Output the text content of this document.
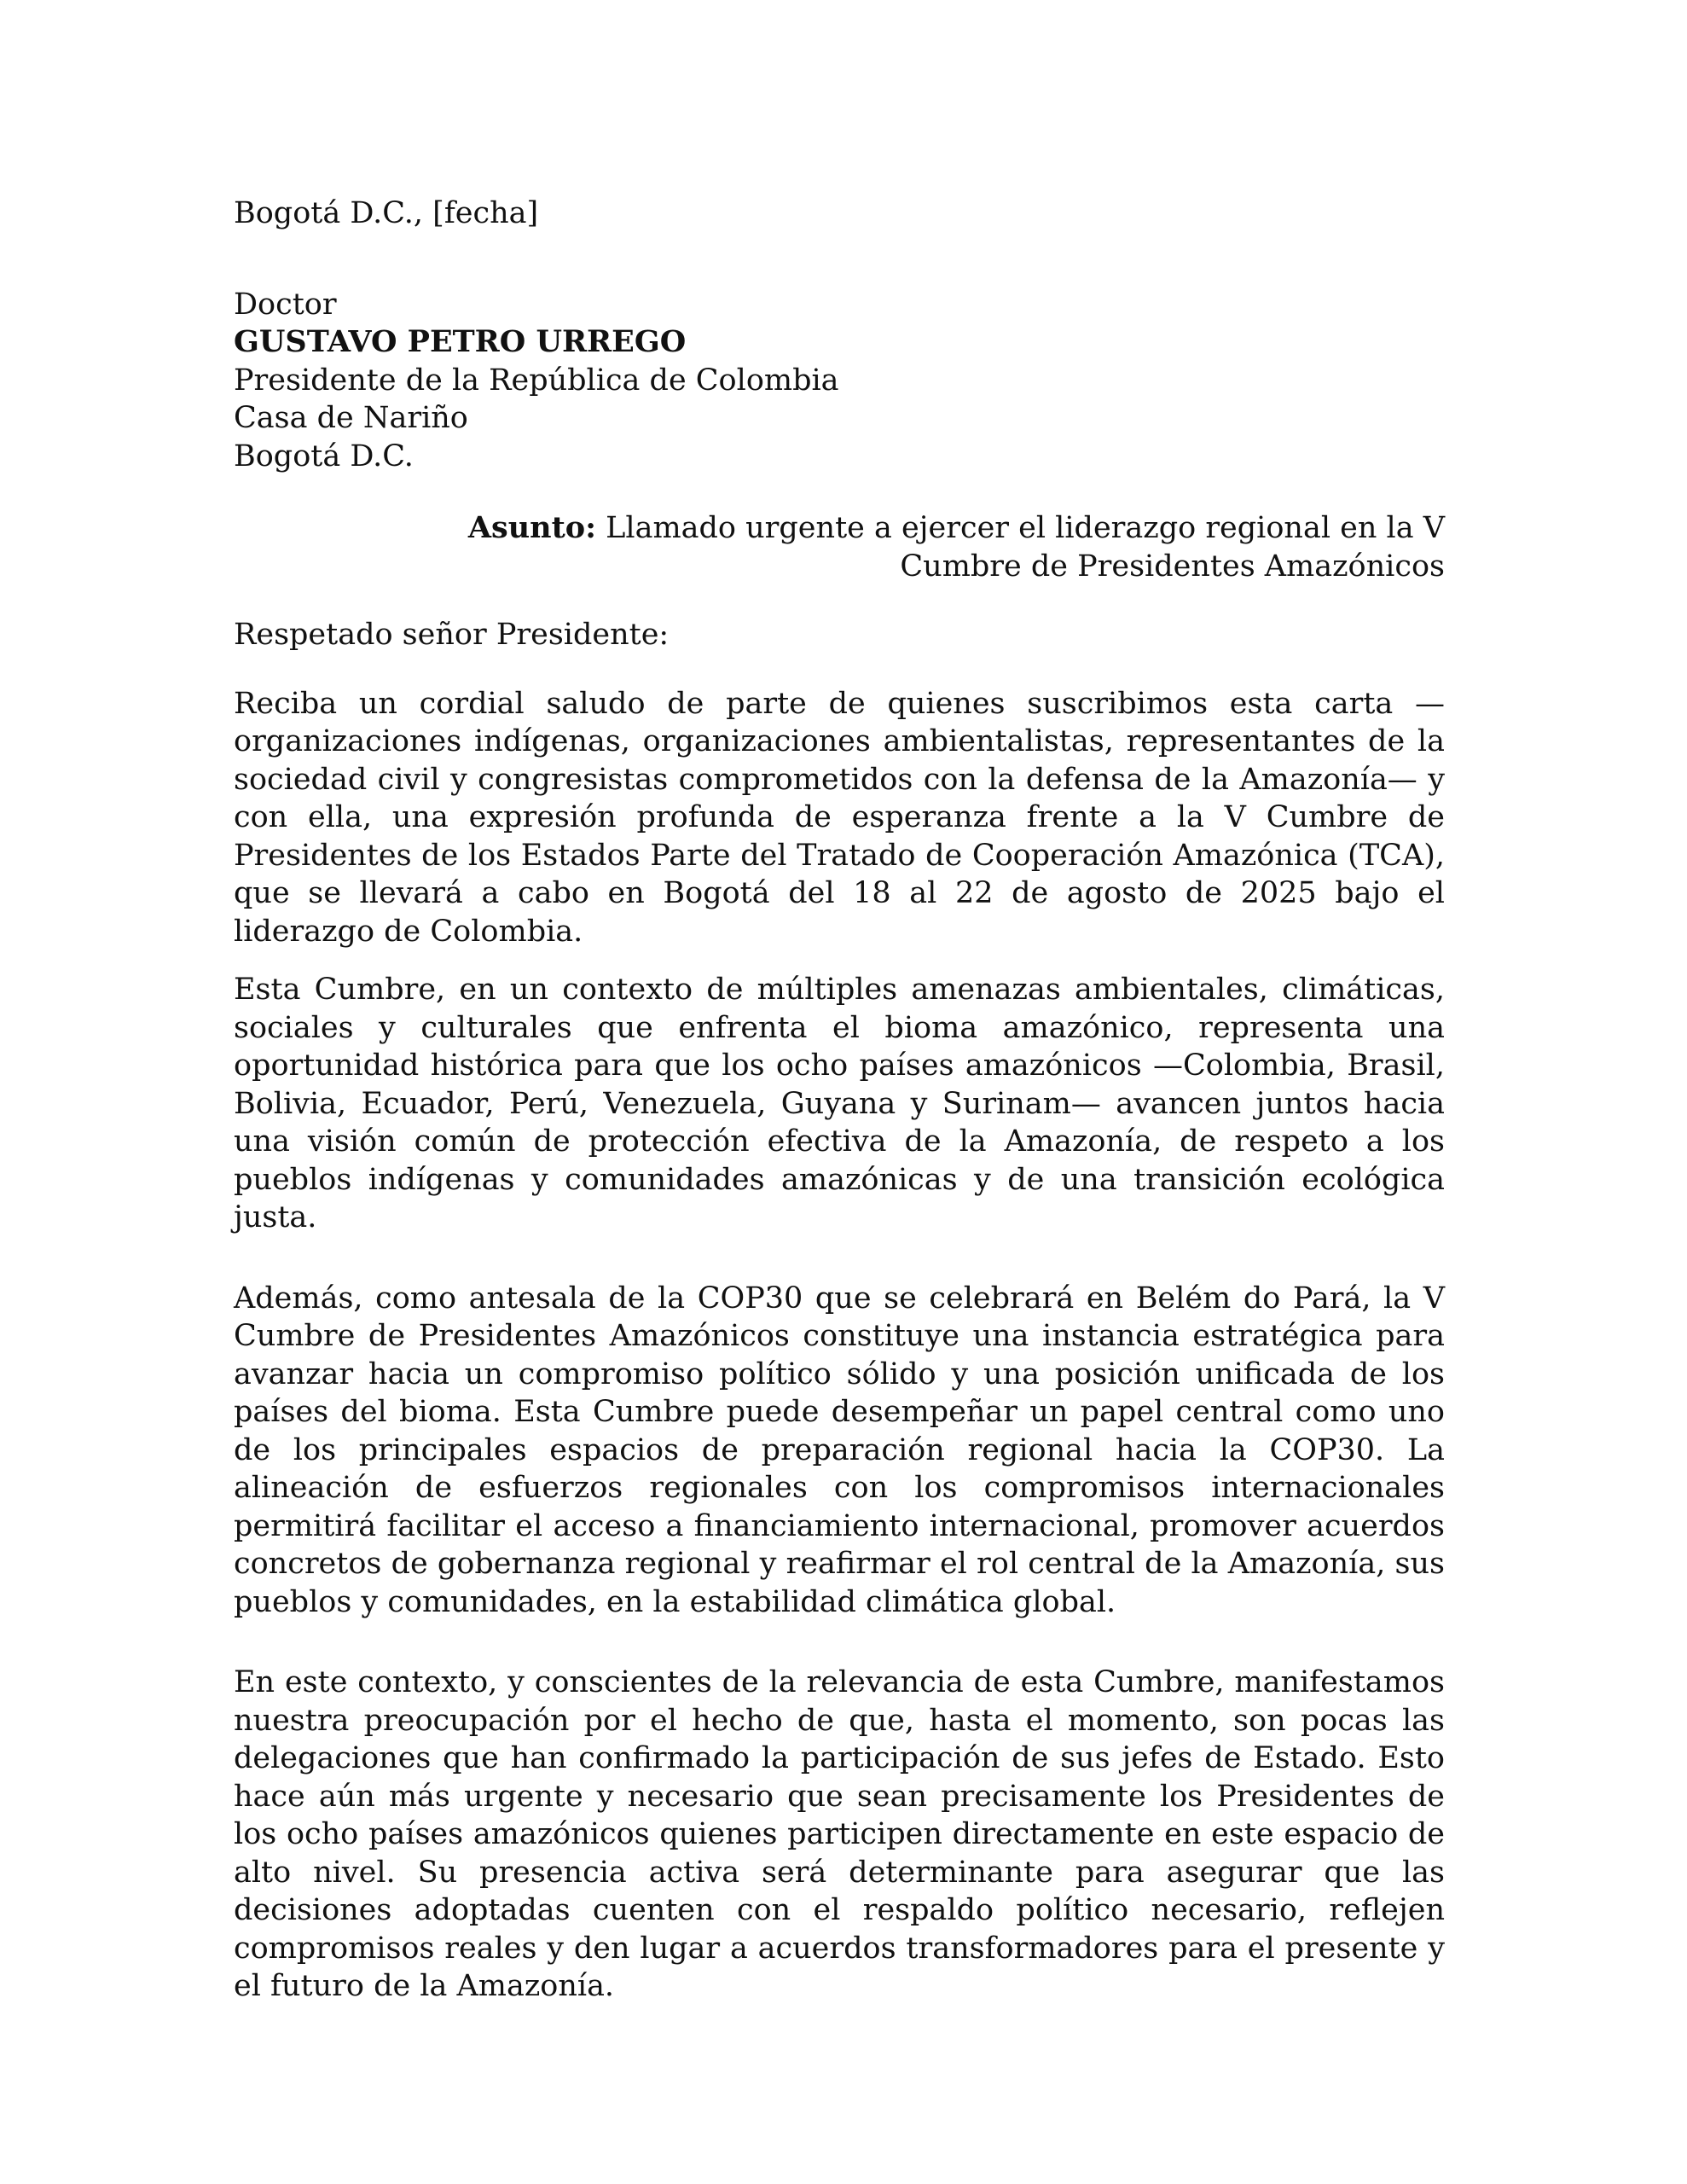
Bogotá D.C., [fecha]
Doctor
GUSTAVO PETRO URREGO
Presidente de la República de Colombia
Casa de Nariño
Bogotá D.C.
Asunto: Llamado urgente a ejercer el liderazgo regional en la V Cumbre de Presidentes Amazónicos
Respetado señor Presidente:

Reciba un cordial saludo de parte de quienes suscribimos esta carta —organizaciones indígenas, organizaciones ambientalistas, representantes de la sociedad civil y congresistas comprometidos con la defensa de la Amazonía— y con ella, una expresión profunda de esperanza frente a la V Cumbre de Presidentes de los Estados Parte del Tratado de Cooperación Amazónica (TCA), que se llevará a cabo en Bogotá del 18 al 22 de agosto de 2025 bajo el liderazgo de Colombia.

Esta Cumbre, en un contexto de múltiples amenazas ambientales, climáticas, sociales y culturales que enfrenta el bioma amazónico, representa una oportunidad histórica para que los ocho países amazónicos —Colombia, Brasil, Bolivia, Ecuador, Perú, Venezuela, Guyana y Surinam— avancen juntos hacia una visión común de protección efectiva de la Amazonía, de respeto a los pueblos indígenas y comunidades amazónicas y de una transición ecológica justa.

Además, como antesala de la COP30 que se celebrará en Belém do Pará, la V Cumbre de Presidentes Amazónicos constituye una instancia estratégica para avanzar hacia un compromiso político sólido y una posición unificada de los países del bioma. Esta Cumbre puede desempeñar un papel central como uno de los principales espacios de preparación regional hacia la COP30. La alineación de esfuerzos regionales con los compromisos internacionales permitirá facilitar el acceso a financiamiento internacional, promover acuerdos concretos de gobernanza regional y reafirmar el rol central de la Amazonía, sus pueblos y comunidades, en la estabilidad climática global.

En este contexto, y conscientes de la relevancia de esta Cumbre, manifestamos nuestra preocupación por el hecho de que, hasta el momento, son pocas las delegaciones que han confirmado la participación de sus jefes de Estado. Esto hace aún más urgente y necesario que sean precisamente los Presidentes de los ocho países amazónicos quienes participen directamente en este espacio de alto nivel. Su presencia activa será determinante para asegurar que las decisiones adoptadas cuenten con el respaldo político necesario, reflejen compromisos reales y den lugar a acuerdos transformadores para el presente y el futuro de la Amazonía.
